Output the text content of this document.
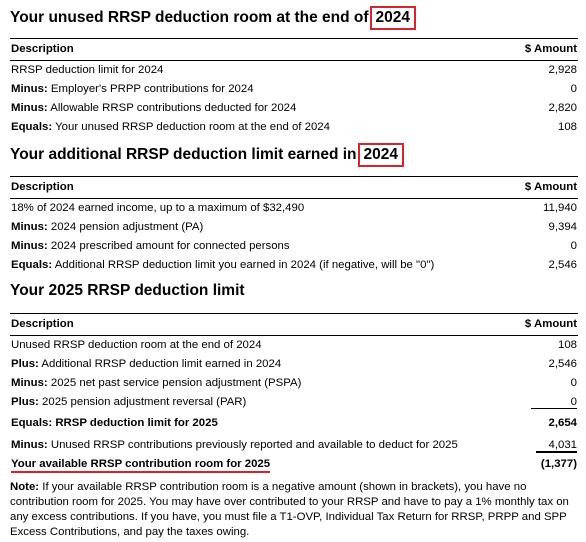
Your unused RRSP deduction room at the end of 2024
Description	$ Amount
RRSP deduction limit for 2024	2,928
Minus: Employer's PRPP contributions for 2024	0
Minus: Allowable RRSP contributions deducted for 2024	2,820
Equals: Your unused RRSP deduction room at the end of 2024	108
Your additional RRSP deduction limit earned in 2024
Description	$ Amount
18% of 2024 earned income, up to a maximum of $32,490	11,940
Minus: 2024 pension adjustment (PA)	9,394
Minus: 2024 prescribed amount for connected persons	0
Equals: Additional RRSP deduction limit you earned in 2024 (if negative, will be "0")	2,546
Your 2025 RRSP deduction limit
Description	$ Amount
Unused RRSP deduction room at the end of 2024	108
Plus: Additional RRSP deduction limit earned in 2024	2,546
Minus: 2025 net past service pension adjustment (PSPA)	0
Plus: 2025 pension adjustment reversal (PAR)	0
Equals: RRSP deduction limit for 2025	2,654
Minus: Unused RRSP contributions previously reported and available to deduct for 2025	4,031
Your available RRSP contribution room for 2025	(1,377)
Note: If your available RRSP contribution room is a negative amount (shown in brackets), you have no contribution room for 2025. You may have over contributed to your RRSP and have to pay a 1% monthly tax on any excess contributions. If you have, you must file a T1-OVP, Individual Tax Return for RRSP, PRPP and SPP Excess Contributions, and pay the taxes owing.
